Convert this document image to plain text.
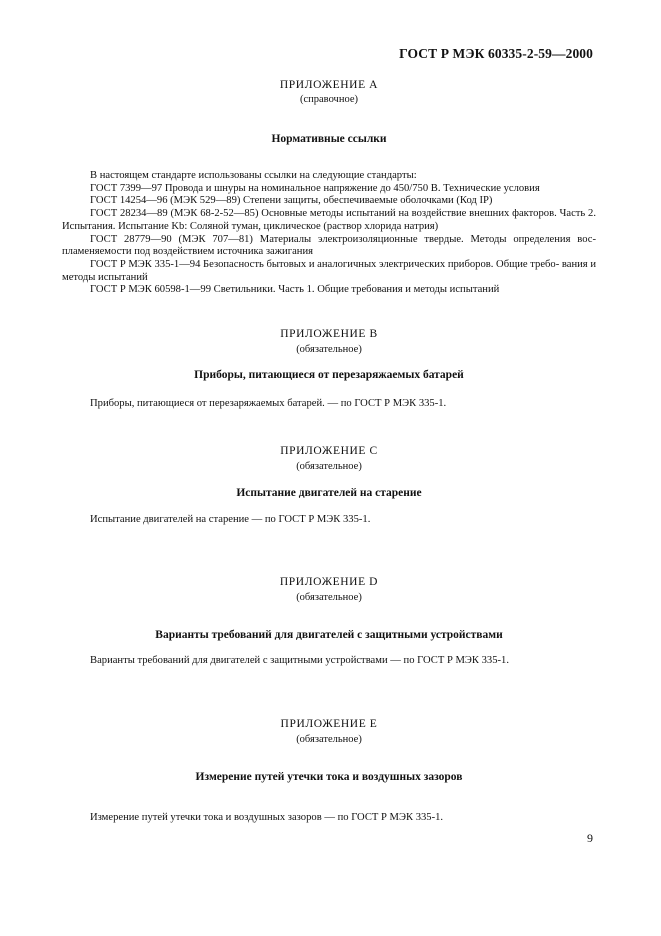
ГОСТ Р МЭК 60335-2-59—2000
ПРИЛОЖЕНИЕ А
(справочное)
Нормативные ссылки

В настоящем стандарте использованы ссылки на следующие стандарты:

ГОСТ 7399—97 Провода и шнуры на номинальное напряжение до 450/750 В. Технические условия

ГОСТ 14254—96 (МЭК 529—89) Степени защиты, обеспечиваемые оболочками (Код IP)

ГОСТ 28234—89 (МЭК 68-2-52—85) Основные методы испытаний на воздействие внешних факторов. Часть 2. Испытания. Испытание Kb: Соляной туман, циклическое (раствор хлорида натрия)

ГОСТ 28779—90 (МЭК 707—81) Материалы электроизоляционные твердые. Методы определения вос- пламеняемости под воздействием источника зажигания

ГОСТ Р МЭК 335-1—94 Безопасность бытовых и аналогичных электрических приборов. Общие требо- вания и методы испытаний

ГОСТ Р МЭК 60598-1—99 Светильники. Часть 1. Общие требования и методы испытаний

ПРИЛОЖЕНИЕ В
(обязательное)
Приборы, питающиеся от перезаряжаемых батарей

Приборы, питающиеся от перезаряжаемых батарей. — по ГОСТ Р МЭК 335-1.

ПРИЛОЖЕНИЕ С
(обязательное)
Испытание двигателей на старение

Испытание двигателей на старение — по ГОСТ Р МЭК 335-1.

ПРИЛОЖЕНИЕ D
(обязательное)
Варианты требований для двигателей с защитными устройствами

Варианты требований для двигателей с защитными устройствами — по ГОСТ Р МЭК 335-1.

ПРИЛОЖЕНИЕ Е
(обязательное)
Измерение путей утечки тока и воздушных зазоров

Измерение путей утечки тока и воздушных зазоров — по ГОСТ Р МЭК 335-1.

9
